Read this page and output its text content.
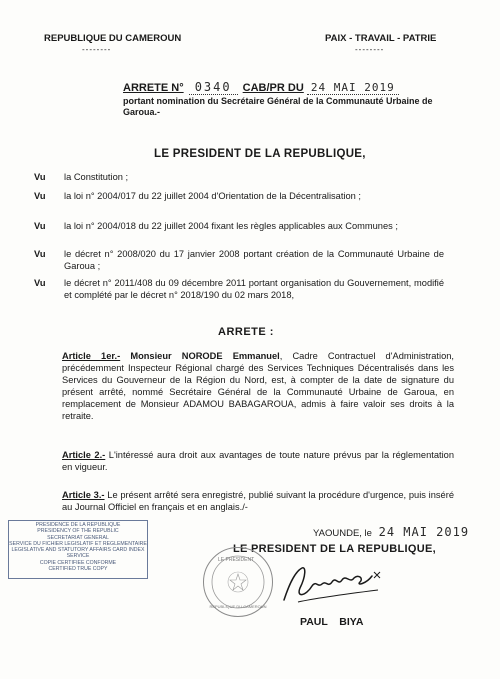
REPUBLIQUE DU CAMEROUN
--------
PAIX - TRAVAIL - PATRIE
--------
ARRETE N° 0340 CAB/PR DU 24 MAI 2019
portant nomination du Secrétaire Général de la Communauté Urbaine de
Garoua.-
LE PRESIDENT DE LA REPUBLIQUE,
Vu	la Constitution ;
Vu	la loi n° 2004/017 du 22 juillet 2004 d'Orientation de la Décentralisation ;
Vu	la loi n° 2004/018 du 22 juillet 2004 fixant les règles applicables aux Communes ;
Vu	le décret n° 2008/020 du 17 janvier 2008 portant création de la Communauté Urbaine de Garoua ;
Vu	le décret n° 2011/408 du 09 décembre 2011 portant organisation du Gouvernement, modifié et complété par le décret n° 2018/190 du 02 mars 2018,
ARRETE :
Article 1er.- Monsieur NORODE Emmanuel, Cadre Contractuel d'Administration, précédemment Inspecteur Régional chargé des Services Techniques Décentralisés dans les Services du Gouverneur de la Région du Nord, est, à compter de la date de signature du présent arrêté, nommé Secrétaire Général de la Communauté Urbaine de Garoua, en remplacement de Monsieur ADAMOU BABAGAROUA, admis à faire valoir ses droits à la retraite.
Article 2.- L'intéressé aura droit aux avantages de toute nature prévus par la réglementation en vigueur.
Article 3.- Le présent arrêté sera enregistré, publié suivant la procédure d'urgence, puis inséré au Journal Officiel en français et en anglais./-
YAOUNDE, le 24 MAI 2019
PRESIDENCE DE LA REPUBLIQUE
PRESIDENCY OF THE REPUBLIC
SECRETARIAT GENERAL
SERVICE DU FICHIER LEGISLATIF ET REGLEMENTAIRE
LEGISLATIVE AND STATUTORY AFFAIRS CARD INDEX SERVICE
COPIE CERTIFIEE CONFORME
CERTIFIED TRUE COPY
LE PRESIDENT DE LA REPUBLIQUE,
LE PRESIDENT
REPUBLIQUE DU CAMEROUN
PAUL    BIYA
